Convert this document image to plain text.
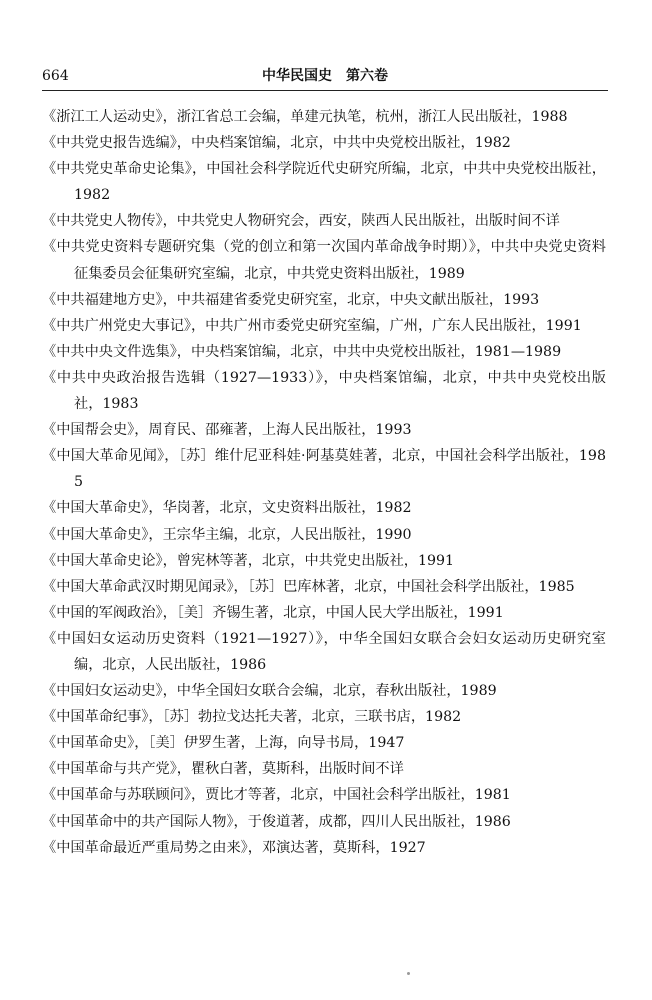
664	中华民国史　第六卷

《浙江工人运动史》，浙江省总工会编，单建元执笔，杭州，浙江人民出版社，1988

《中共党史报告选编》，中央档案馆编，北京，中共中央党校出版社，1982

《中共党史革命史论集》，中国社会科学院近代史研究所编，北京，中共中央党校出版社，1982

《中共党史人物传》，中共党史人物研究会，西安，陕西人民出版社，出版时间不详

《中共党史资料专题研究集（党的创立和第一次国内革命战争时期）》，中共中央党史资料征集委员会征集研究室编，北京，中共党史资料出版社，1989

《中共福建地方史》，中共福建省委党史研究室，北京，中央文献出版社，1993

《中共广州党史大事记》，中共广州市委党史研究室编，广州，广东人民出版社，1991

《中共中央文件选集》，中央档案馆编，北京，中共中央党校出版社，1981—1989

《中共中央政治报告选辑（1927—1933）》，中央档案馆编，北京，中共中央党校出版社，1983

《中国帮会史》，周育民、邵雍著，上海人民出版社，1993

《中国大革命见闻》，［苏］维什尼亚科娃·阿基莫娃著，北京，中国社会科学出版社，1985

《中国大革命史》，华岗著，北京，文史资料出版社，1982

《中国大革命史》，王宗华主编，北京，人民出版社，1990

《中国大革命史论》，曾宪林等著，北京，中共党史出版社，1991

《中国大革命武汉时期见闻录》，［苏］巴库林著，北京，中国社会科学出版社，1985

《中国的军阀政治》，［美］齐锡生著，北京，中国人民大学出版社，1991

《中国妇女运动历史资料（1921—1927）》，中华全国妇女联合会妇女运动历史研究室编，北京，人民出版社，1986

《中国妇女运动史》，中华全国妇女联合会编，北京，春秋出版社，1989

《中国革命纪事》，［苏］勃拉戈达托夫著，北京，三联书店，1982

《中国革命史》，［美］伊罗生著，上海，向导书局，1947

《中国革命与共产党》，瞿秋白著，莫斯科，出版时间不详

《中国革命与苏联顾问》，贾比才等著，北京，中国社会科学出版社，1981

《中国革命中的共产国际人物》，于俊道著，成都，四川人民出版社，1986

《中国革命最近严重局势之由来》，邓演达著，莫斯科，1927
